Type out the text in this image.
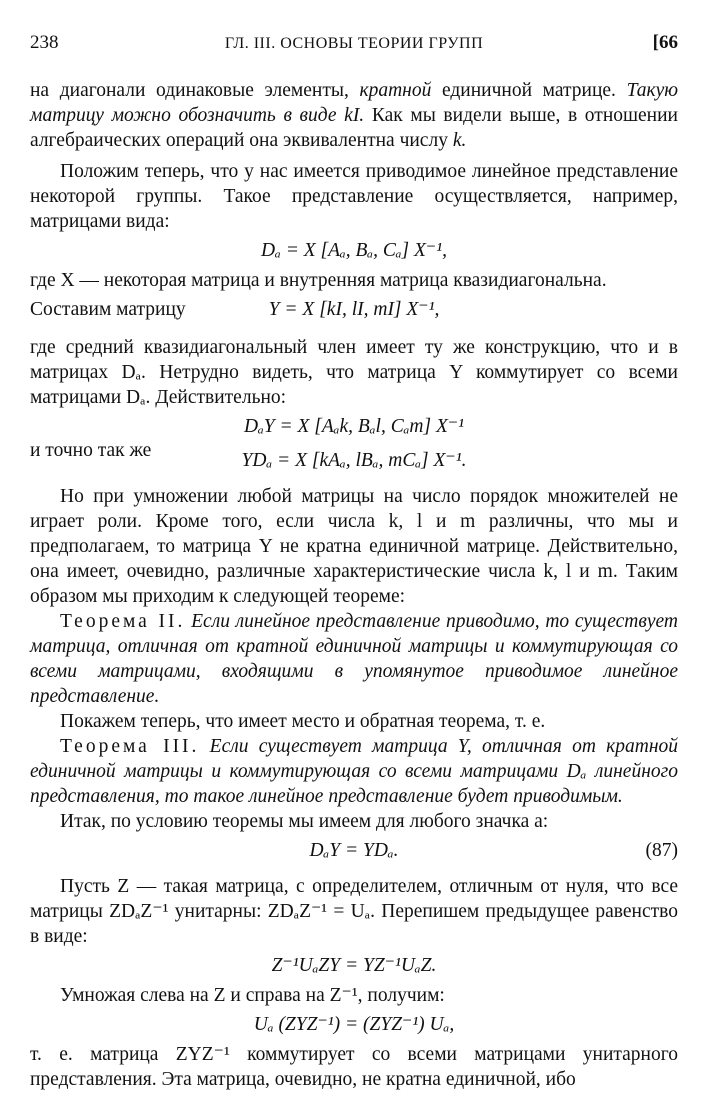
238	ГЛ. III. ОСНОВЫ ТЕОРИИ ГРУПП	[66

на диагонали одинаковые элементы, кратной единичной матрице. Такую матрицу можно обозначить в виде kI. Как мы видели выше, в отношении алгебраических операций она эквивалентна числу k.

Положим теперь, что у нас имеется приводимое линейное представление некоторой группы. Такое представление осуществляется, например, матрицами вида:

Dₐ = X [Aₐ, Bₐ, Cₐ] X⁻¹,

где X — некоторая матрица и внутренняя матрица квазидиагональна.

Составим матрицу	Y = X [kI, lI, mI] X⁻¹,

где средний квазидиагональный член имеет ту же конструкцию, что и в матрицах Dₐ. Нетрудно видеть, что матрица Y коммутирует со всеми матрицами Dₐ. Действительно:

DₐY = X [Aₐk, Bₐl, Cₐm] X⁻¹
и точно так же	YDₐ = X [kAₐ, lBₐ, mCₐ] X⁻¹.

Но при умножении любой матрицы на число порядок множителей не играет роли. Кроме того, если числа k, l и m различны, что мы и предполагаем, то матрица Y не кратна единичной матрице. Действительно, она имеет, очевидно, различные характеристические числа k, l и m. Таким образом мы приходим к следующей теореме:

Теорема II. Если линейное представление приводимо, то существует матрица, отличная от кратной единичной матрицы и коммутирующая со всеми матрицами, входящими в упомянутое приводимое линейное представление.

Покажем теперь, что имеет место и обратная теорема, т. е.

Теорема III. Если существует матрица Y, отличная от кратной единичной матрицы и коммутирующая со всеми матрицами Dₐ линейного представления, то такое линейное представление будет приводимым.

Итак, по условию теоремы мы имеем для любого значка a:

DₐY = YDₐ.	(87)

Пусть Z — такая матрица, с определителем, отличным от нуля, что все матрицы ZDₐZ⁻¹ унитарны: ZDₐZ⁻¹ = Uₐ. Перепишем предыдущее равенство в виде:

Z⁻¹UₐZY = YZ⁻¹UₐZ.

Умножая слева на Z и справа на Z⁻¹, получим:

Uₐ (ZYZ⁻¹) = (ZYZ⁻¹) Uₐ,

т. е. матрица ZYZ⁻¹ коммутирует со всеми матрицами унитарного представления. Эта матрица, очевидно, не кратна единичной, ибо
